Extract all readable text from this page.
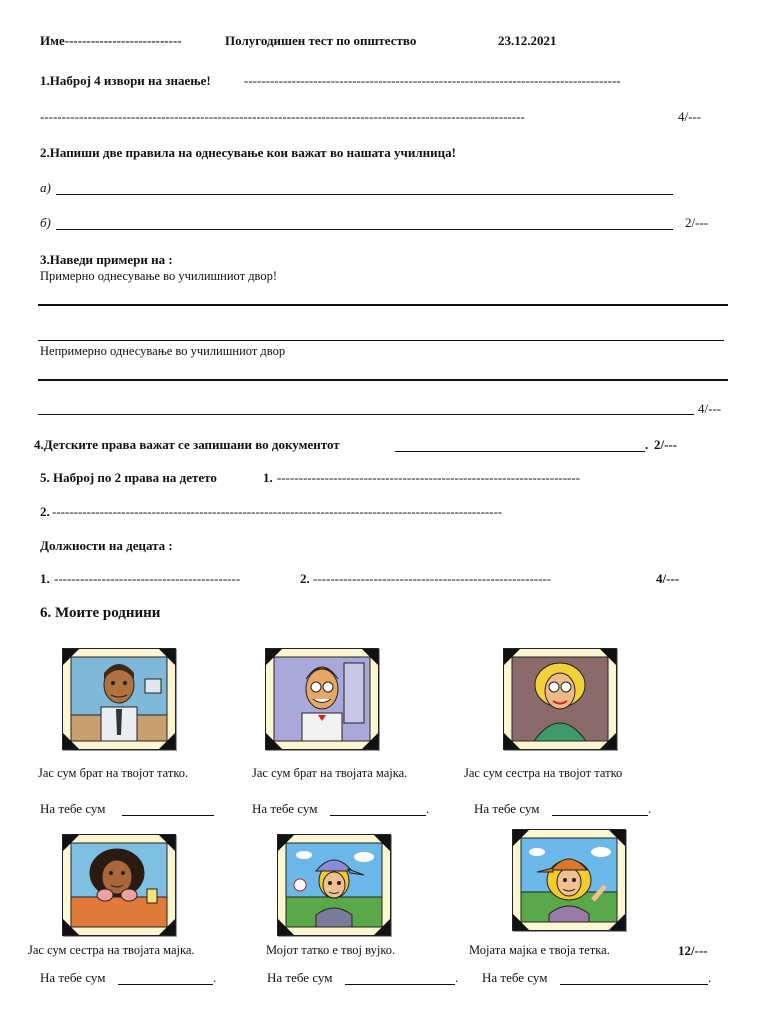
Име---------------------------	Полугодишен тест по општество	23.12.2021
1.Наброј 4 извори на знаење!	---------------------------------------------------------------------------------------
----------------------------------------------------------------------------------------------------------------	4/---
2.Напиши две правила на однесување кои важат во нашата училница!
а)
б)	2/---
3.Наведи примери на :
Примерно однесување во училишниот двор!
Непримерно однесување во училишниот двор
4/---
4.Детските права важат се запишани во документот	. 2/---
5. Наброј по 2 права на детето	1. ----------------------------------------------------------------------
2. --------------------------------------------------------------------------------------------------------
Должности на децата :
1. -------------------------------------------	2. -------------------------------------------------------	4/---
6. Моите роднини
Јас сум брат на твојот татко.	Јас сум брат на твојата мајка.	Јас сум сестра на твојот татко
На тебе сум	На тебе сум	.	На тебе сум	.
Јас сум сестра на твојата мајка.	Мојот татко е твој вујко.	Мојата мајка е твоја тетка.	12/---
На тебе сум	.	На тебе сум	. На тебе сум	.
